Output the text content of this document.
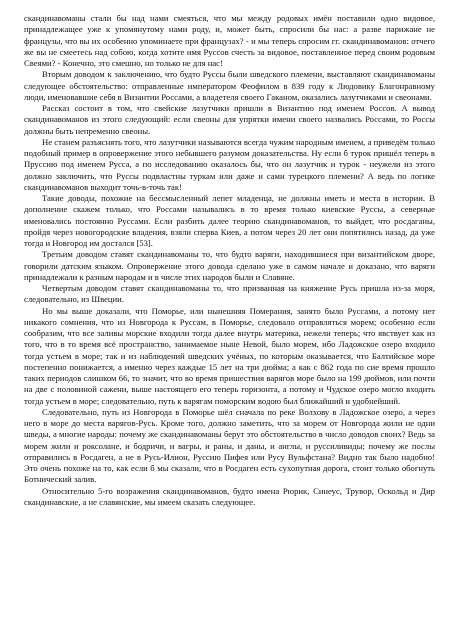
скандинавоманы стали бы над нами смеяться, что мы между родовых имён поставили одно видовое, принадлежащее уже к упомянутому нами роду, и, может быть, спросили бы нас: а разве парижане не французы, что вы их особенно упоминаете при французах? - и мы теперь спросим гг. скандинавоманов: отчего же вы не смеетесь над собою, когда хотите имя Руссов счесть за видовое, поставленное перед своим родовым Свеями? - Конечно, это смешно, но только не для нас!

Вторым доводом к заключению, что будто Руссы были шведского племени, выставляют скандинавоманы следующее обстоятельство: отправленные императором Феофилом в 839 году к Людовику Благонравному люди, именовавшие себя в Византии Россами, а владетеля своего Гаканом, оказались лазутчиками и свеонами.

Рассказ состоит в том, что свейские лазутчики пришли в Византию под именем Россов. А вывод скандинавоманов из этого следующий: если свеоны для упрятки имени своего назвались Россами, то Россы должны быть непременно свеоны.

Не станем разъяснять того, что лазутчики называются всегда чужим народным именем, а приведём только подобный пример в опровержение этого небывшего разумом доказательства. Ну если б турок пришёл теперь в Пруссию под именем Русса, а по исследованию оказалось бы, что он лазутчик и турок - неужели из этого должно заключить, что Руссы подвластны туркам или даже и сами турецкого племени? А ведь по логике скандинавоманов выходит точь-в-точь так!

Такие доводы, похожие на бессмысленный лепет младенца, не должны иметь и места в истории. В дополнение скажем только, что Россами назывались в то время только киевские Руссы, а северные именовались постоянно Руссами. Если разбить далее теорию скандинавоманов, то выйдет, что росдаганы, пройдя через новогородские владения, взяли сперва Киев, а потом через 20 лет они попятились назад, да уже тогда и Новгород им достался [53].

Третьим доводом ставят скандинавоманы то, что будто варяги, находившиеся при византийском дворе, говорили датским языком. Опровержение этого довода сделано уже в самом начале и доказано, что варяги принадлежали к разным народам и в числе этих народов были и Славяне.

Четвертым доводом ставят скандинавоманы то, что призванная на княжение Русь пришла из-за моря, следовательно, из Швеции.

Но мы выше доказали, что Поморье, или нынешняя Померания, занято было Руссами, а потому нет никакого сомнения, что из Новгорода к Руссам, в Поморье, следовало отправляться морем; особенно если сообразим, что все заливы морские входили тогда далее внутрь материка, нежели теперь; что явствует как из того, что в то время всё пространство, занимаемое ныне Невой, было морем, ибо Ладожское озеро входило тогда устьем в море; так и из наблюдений шведских учёных, по которым оказывается, что Балтийское море постепенно понижается, а именно через каждые 15 лет на три дюйма; а как с 862 года по сие время прошло таких периодов слишком 66, то значит, что во время пришествия варягов море было на 199 дюймов, или почти на две с половиной сажени, выше настоящего его теперь горизонта, а потому и Чудское озеро могло входить тогда устьем в море; следовательно, путь к варягам поморским водою был ближайший и удобнейший.

Следовательно, путь из Новгорода в Поморье шёл сначала по реке Волхову в Ладожское озеро, а через него в море до места варягов-Русь. Кроме того, должно заметить, что за морем от Новгорода жили не одни шведы, а многие народы: почему же скандинавоманы берут это обстоятельство в число доводов своих? Ведь за морем жили и роксолане, и бодричи, и вагры, и раны, и даны, и англы, и руссиливиды; почему же послы отправились в Росдаген, а не в Русь-Илион, Руссию Пифея или Русу Вульфстана? Видно так было надобно! Это очень похоже на то, как если б мы сказали, что в Росдаген есть сухопутная дорога, стоит только обогнуть Ботнический залив.

Относительно 5-го возражения скандинавоманов, будто имена Рюрик, Синеус, Трувор, Оскольд и Дир скандинавские, а не славянские, мы имеем сказать следующее.
